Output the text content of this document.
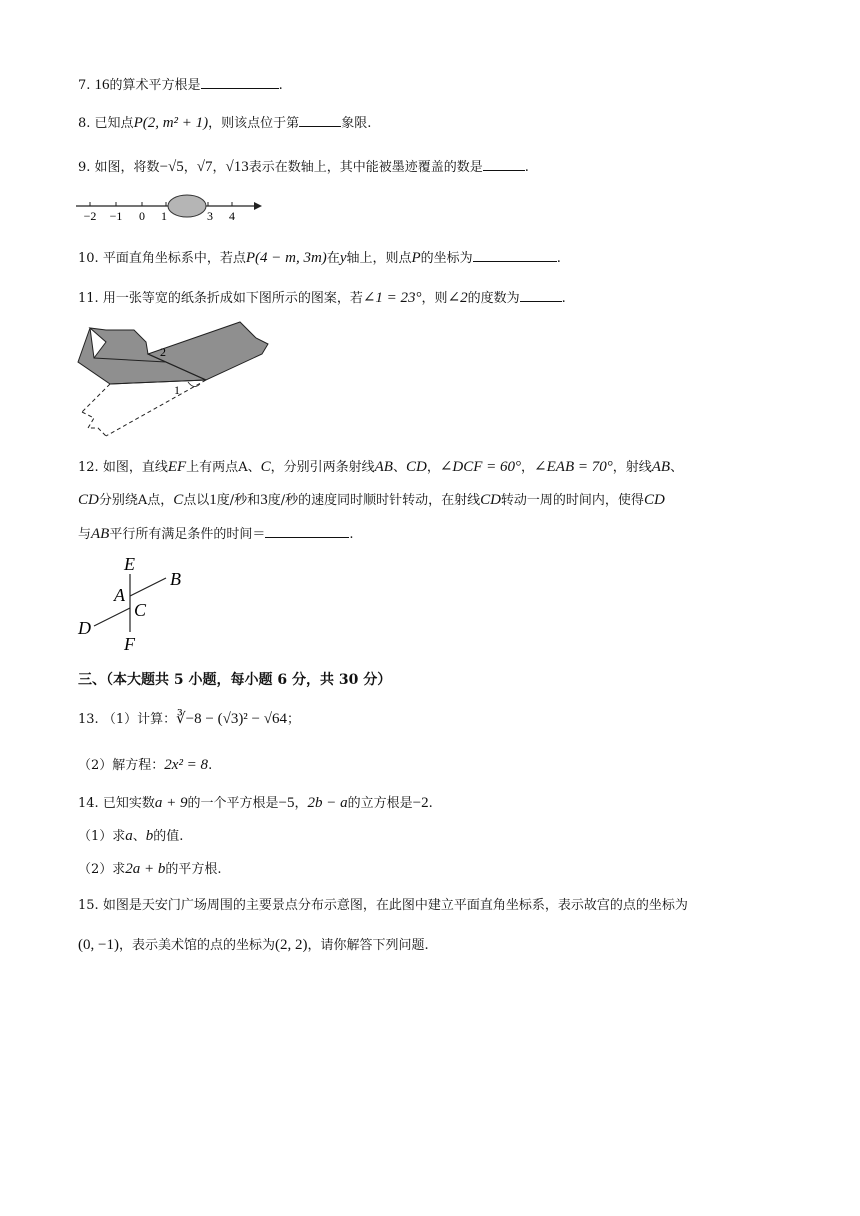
7. 16的算术平方根是	.
8. 已知点P(2, m² + 1)，则该点位于第	象限.
9. 如图，将数−√5，√7，√13表示在数轴上，其中能被墨迹覆盖的数是	.
−2 −1 0 1	3 4
10. 平面直角坐标系中，若点P(4 − m, 3m)在y轴上，则点P的坐标为	.
11. 用一张等宽的纸条折成如下图所示的图案，若∠1 = 23°，则∠2的度数为	.
2
1
12. 如图，直线EF上有两点A、C，分别引两条射线AB、CD，∠DCF = 60°，∠EAB = 70°，射线AB、
CD分别绕A点，C点以1度/秒和3度/秒的速度同时顺时针转动，在射线CD转动一周的时间内，使得CD
与AB平行所有满足条件的时间＝	.
E
B
A
C
D
F
三、（本大题共 5 小题，每小题 6 分，共 30 分）
13. （1）计算：∛−8 − (√3)² − √64；
（2）解方程：2x² = 8.
14. 已知实数a + 9的一个平方根是−5，2b − a的立方根是−2.
（1）求a、b的值.
（2）求2a + b的平方根.
15. 如图是天安门广场周围的主要景点分布示意图，在此图中建立平面直角坐标系，表示故宫的点的坐标为
(0, −1)，表示美术馆的点的坐标为(2, 2)，请你解答下列问题.
